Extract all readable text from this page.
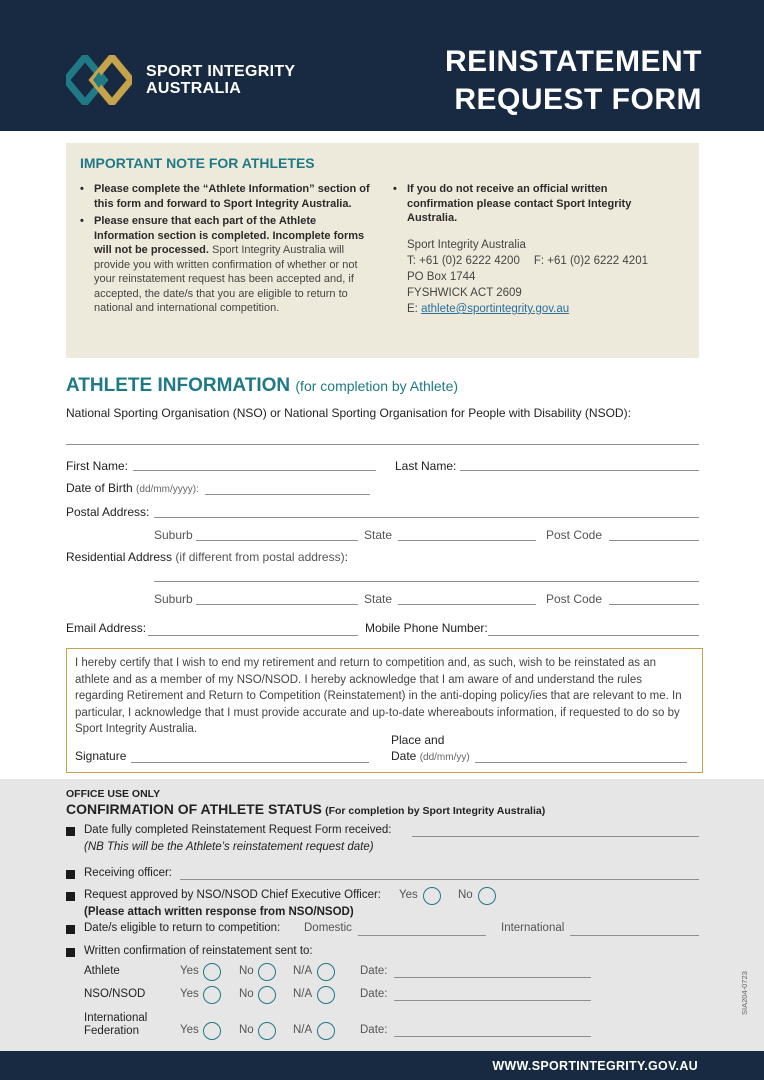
SPORT INTEGRITY
AUSTRALIA
REINSTATEMENT
REQUEST FORM
IMPORTANT NOTE FOR ATHLETES
• Please complete the “Athlete Information” section of this form and forward to Sport Integrity Australia.
• Please ensure that each part of the Athlete Information section is completed. Incomplete forms will not be processed. Sport Integrity Australia will provide you with written confirmation of whether or not your reinstatement request has been accepted and, if accepted, the date/s that you are eligible to return to national and international competition.
• If you do not receive an official written confirmation please contact Sport Integrity Australia.
Sport Integrity Australia
T: +61 (0)2 6222 4200 F: +61 (0)2 6222 4201
PO Box 1744
FYSHWICK ACT 2609
E: athlete@sportintegrity.gov.au
ATHLETE INFORMATION (for completion by Athlete)
National Sporting Organisation (NSO) or National Sporting Organisation for People with Disability (NSOD):
First Name:	Last Name:
Date of Birth (dd/mm/yyyy):
Postal Address:
Suburb	State	Post Code
Residential Address (if different from postal address):
Suburb	State	Post Code
Email Address:	Mobile Phone Number:
I hereby certify that I wish to end my retirement and return to competition and, as such, wish to be reinstated as an athlete and as a member of my NSO/NSOD. I hereby acknowledge that I am aware of and understand the rules regarding Retirement and Return to Competition (Reinstatement) in the anti-doping policy/ies that are relevant to me. In particular, I acknowledge that I must provide accurate and up-to-date whereabouts information, if requested to do so by Sport Integrity Australia.
Signature
Place and
Date (dd/mm/yy)
OFFICE USE ONLY
CONFIRMATION OF ATHLETE STATUS (For completion by Sport Integrity Australia)
Date fully completed Reinstatement Request Form received:
(NB This will be the Athlete’s reinstatement request date)
Receiving officer:
Request approved by NSO/NSOD Chief Executive Officer: Yes	No
(Please attach written response from NSO/NSOD)
Date/s eligible to return to competition: Domestic	International
Written confirmation of reinstatement sent to:
Athlete	Yes	No	N/A	Date:
NSO/NSOD	Yes	No	N/A	Date:
International
Federation	Yes	No	N/A	Date:
SIA204-0723
WWW.SPORTINTEGRITY.GOV.AU
